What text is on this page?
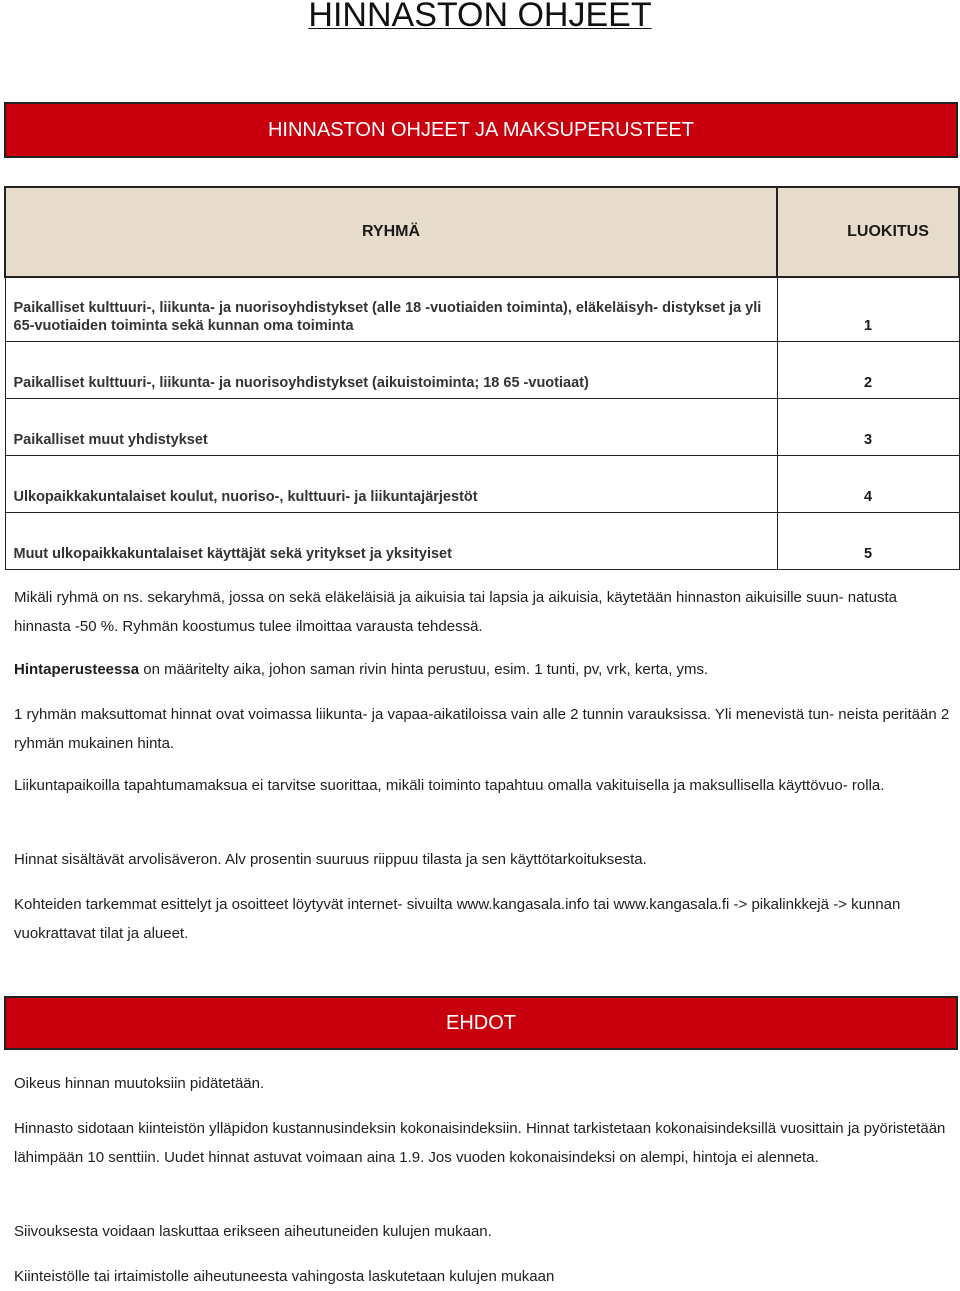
HINNASTON OHJEET
HINNASTON OHJEET JA MAKSUPERUSTEET
RYHMÄ	LUOKITUS
Paikalliset kulttuuri-, liikunta- ja nuorisoyhdistykset (alle 18 -vuotiaiden toiminta), eläkeläisyh- distykset ja yli 65-vuotiaiden toiminta sekä kunnan oma toiminta	1
Paikalliset kulttuuri-, liikunta- ja nuorisoyhdistykset (aikuistoiminta; 18 65 -vuotiaat)	2
Paikalliset muut yhdistykset	3
Ulkopaikkakuntalaiset koulut, nuoriso-, kulttuuri- ja liikuntajärjestöt	4
Muut ulkopaikkakuntalaiset käyttäjät sekä yritykset ja yksityiset	5

Mikäli ryhmä on ns. sekaryhmä, jossa on sekä eläkeläisiä ja aikuisia tai lapsia ja aikuisia, käytetään hinnaston aikuisille suun- natusta hinnasta -50 %. Ryhmän koostumus tulee ilmoittaa varausta tehdessä.

Hintaperusteessa on määritelty aika, johon saman rivin hinta perustuu, esim. 1 tunti, pv, vrk, kerta, yms.

1 ryhmän maksuttomat hinnat ovat voimassa liikunta- ja vapaa-aikatiloissa vain alle 2 tunnin varauksissa. Yli menevistä tun- neista peritään 2 ryhmän mukainen hinta.

Liikuntapaikoilla tapahtumamaksua ei tarvitse suorittaa, mikäli toiminto tapahtuu omalla vakituisella ja maksullisella käyttövuo- rolla.

Hinnat sisältävät arvolisäveron. Alv prosentin suuruus riippuu tilasta ja sen käyttötarkoituksesta.

Kohteiden tarkemmat esittelyt ja osoitteet löytyvät internet- sivuilta www.kangasala.info tai www.kangasala.fi -> pikalinkkejä -> kunnan vuokrattavat tilat ja alueet.

EHDOT

Oikeus hinnan muutoksiin pidätetään.

Hinnasto sidotaan kiinteistön ylläpidon kustannusindeksin kokonaisindeksiin. Hinnat tarkistetaan kokonaisindeksillä vuosittain ja pyöristetään lähimpään 10 senttiin. Uudet hinnat astuvat voimaan aina 1.9. Jos vuoden kokonaisindeksi on alempi, hintoja ei alenneta.

Siivouksesta voidaan laskuttaa erikseen aiheutuneiden kulujen mukaan.

Kiinteistölle tai irtaimistolle aiheutuneesta vahingosta laskutetaan kulujen mukaan
